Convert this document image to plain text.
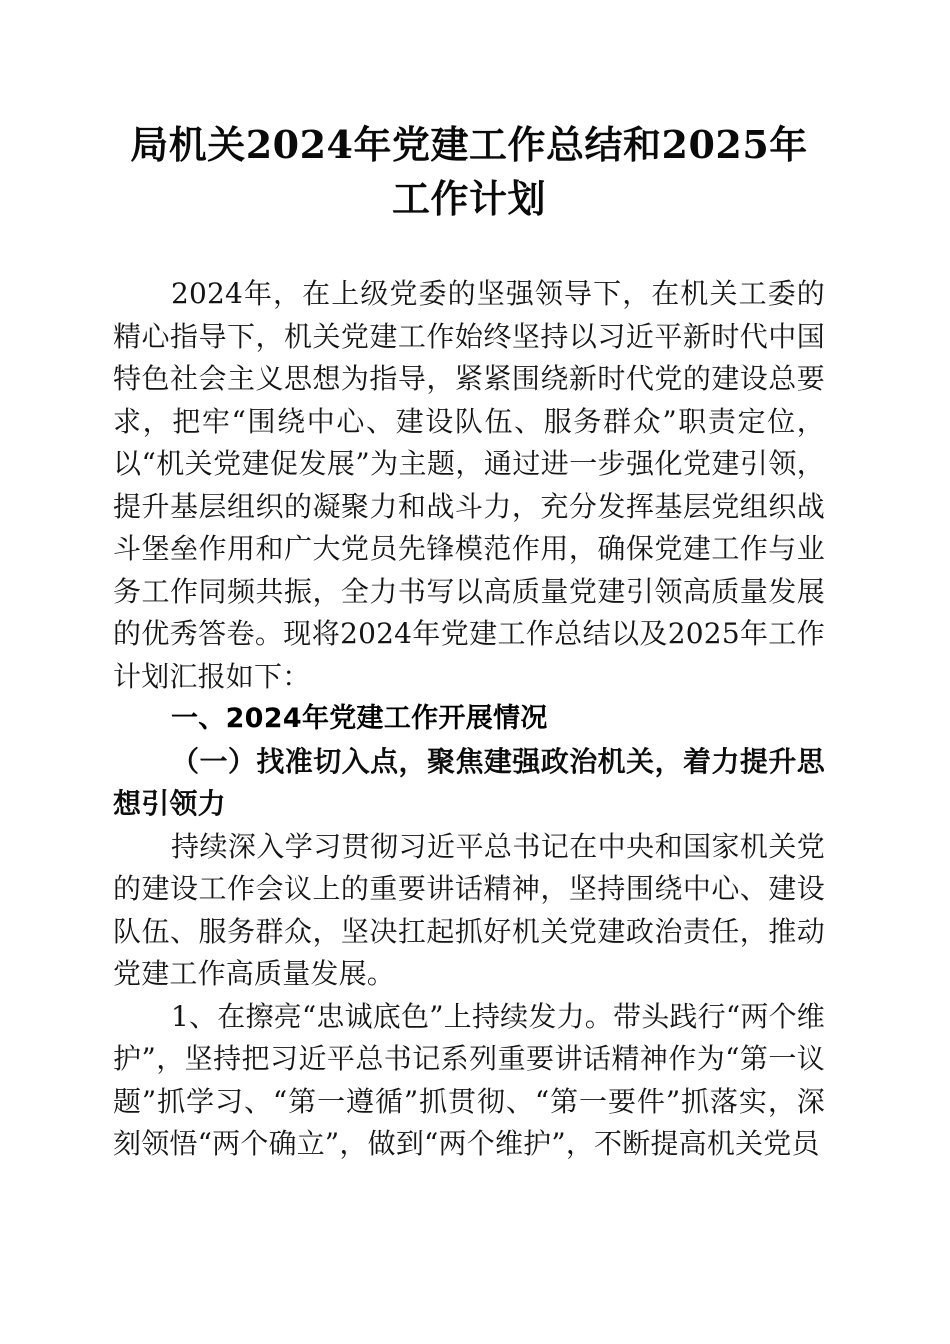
局机关2024年党建工作总结和2025年工作计划

2024年，在上级党委的坚强领导下，在机关工委的精心指导下，机关党建工作始终坚持以习近平新时代中国特色社会主义思想为指导，紧紧围绕新时代党的建设总要求，把牢“围绕中心、建设队伍、服务群众”职责定位，以“机关党建促发展”为主题，通过进一步强化党建引领，提升基层组织的凝聚力和战斗力，充分发挥基层党组织战斗堡垒作用和广大党员先锋模范作用，确保党建工作与业务工作同频共振，全力书写以高质量党建引领高质量发展的优秀答卷。现将2024年党建工作总结以及2025年工作计划汇报如下：

一、2024年党建工作开展情况
（一）找准切入点，聚焦建强政治机关，着力提升思想引领力

持续深入学习贯彻习近平总书记在中央和国家机关党的建设工作会议上的重要讲话精神，坚持围绕中心、建设队伍、服务群众，坚决扛起抓好机关党建政治责任，推动党建工作高质量发展。

1、在擦亮“忠诚底色”上持续发力。带头践行“两个维护”，坚持把习近平总书记系列重要讲话精神作为“第一议题”抓学习、“第一遵循”抓贯彻、“第一要件”抓落实，深刻领悟“两个确立”，做到“两个维护”，不断提高机关党员
